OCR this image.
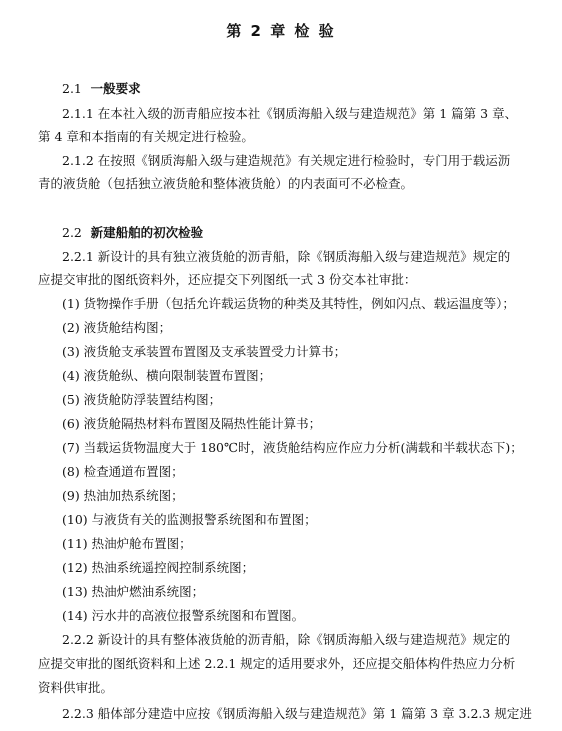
第 2 章 检 验
2.1 一般要求
2.1.1 在本社入级的沥青船应按本社《钢质海船入级与建造规范》第 1 篇第 3 章、
第 4 章和本指南的有关规定进行检验。
2.1.2 在按照《钢质海船入级与建造规范》有关规定进行检验时，专门用于载运沥
青的液货舱（包括独立液货舱和整体液货舱）的内表面可不必检查。
2.2 新建船舶的初次检验
2.2.1 新设计的具有独立液货舱的沥青船，除《钢质海船入级与建造规范》规定的
应提交审批的图纸资料外，还应提交下列图纸一式 3 份交本社审批：
(1) 货物操作手册（包括允许载运货物的种类及其特性，例如闪点、载运温度等）；
(2) 液货舱结构图；
(3) 液货舱支承装置布置图及支承装置受力计算书；
(4) 液货舱纵、横向限制装置布置图；
(5) 液货舱防浮装置结构图；
(6) 液货舱隔热材料布置图及隔热性能计算书；
(7) 当载运货物温度大于 180℃时，液货舱结构应作应力分析(满载和半载状态下)；
(8) 检查通道布置图；
(9) 热油加热系统图；
(10) 与液货有关的监测报警系统图和布置图；
(11) 热油炉舱布置图；
(12) 热油系统遥控阀控制系统图；
(13) 热油炉燃油系统图；
(14) 污水井的高液位报警系统图和布置图。
2.2.2 新设计的具有整体液货舱的沥青船，除《钢质海船入级与建造规范》规定的
应提交审批的图纸资料和上述 2.2.1 规定的适用要求外，还应提交船体构件热应力分析
资料供审批。
2.2.3 船体部分建造中应按《钢质海船入级与建造规范》第 1 篇第 3 章 3.2.3 规定进
